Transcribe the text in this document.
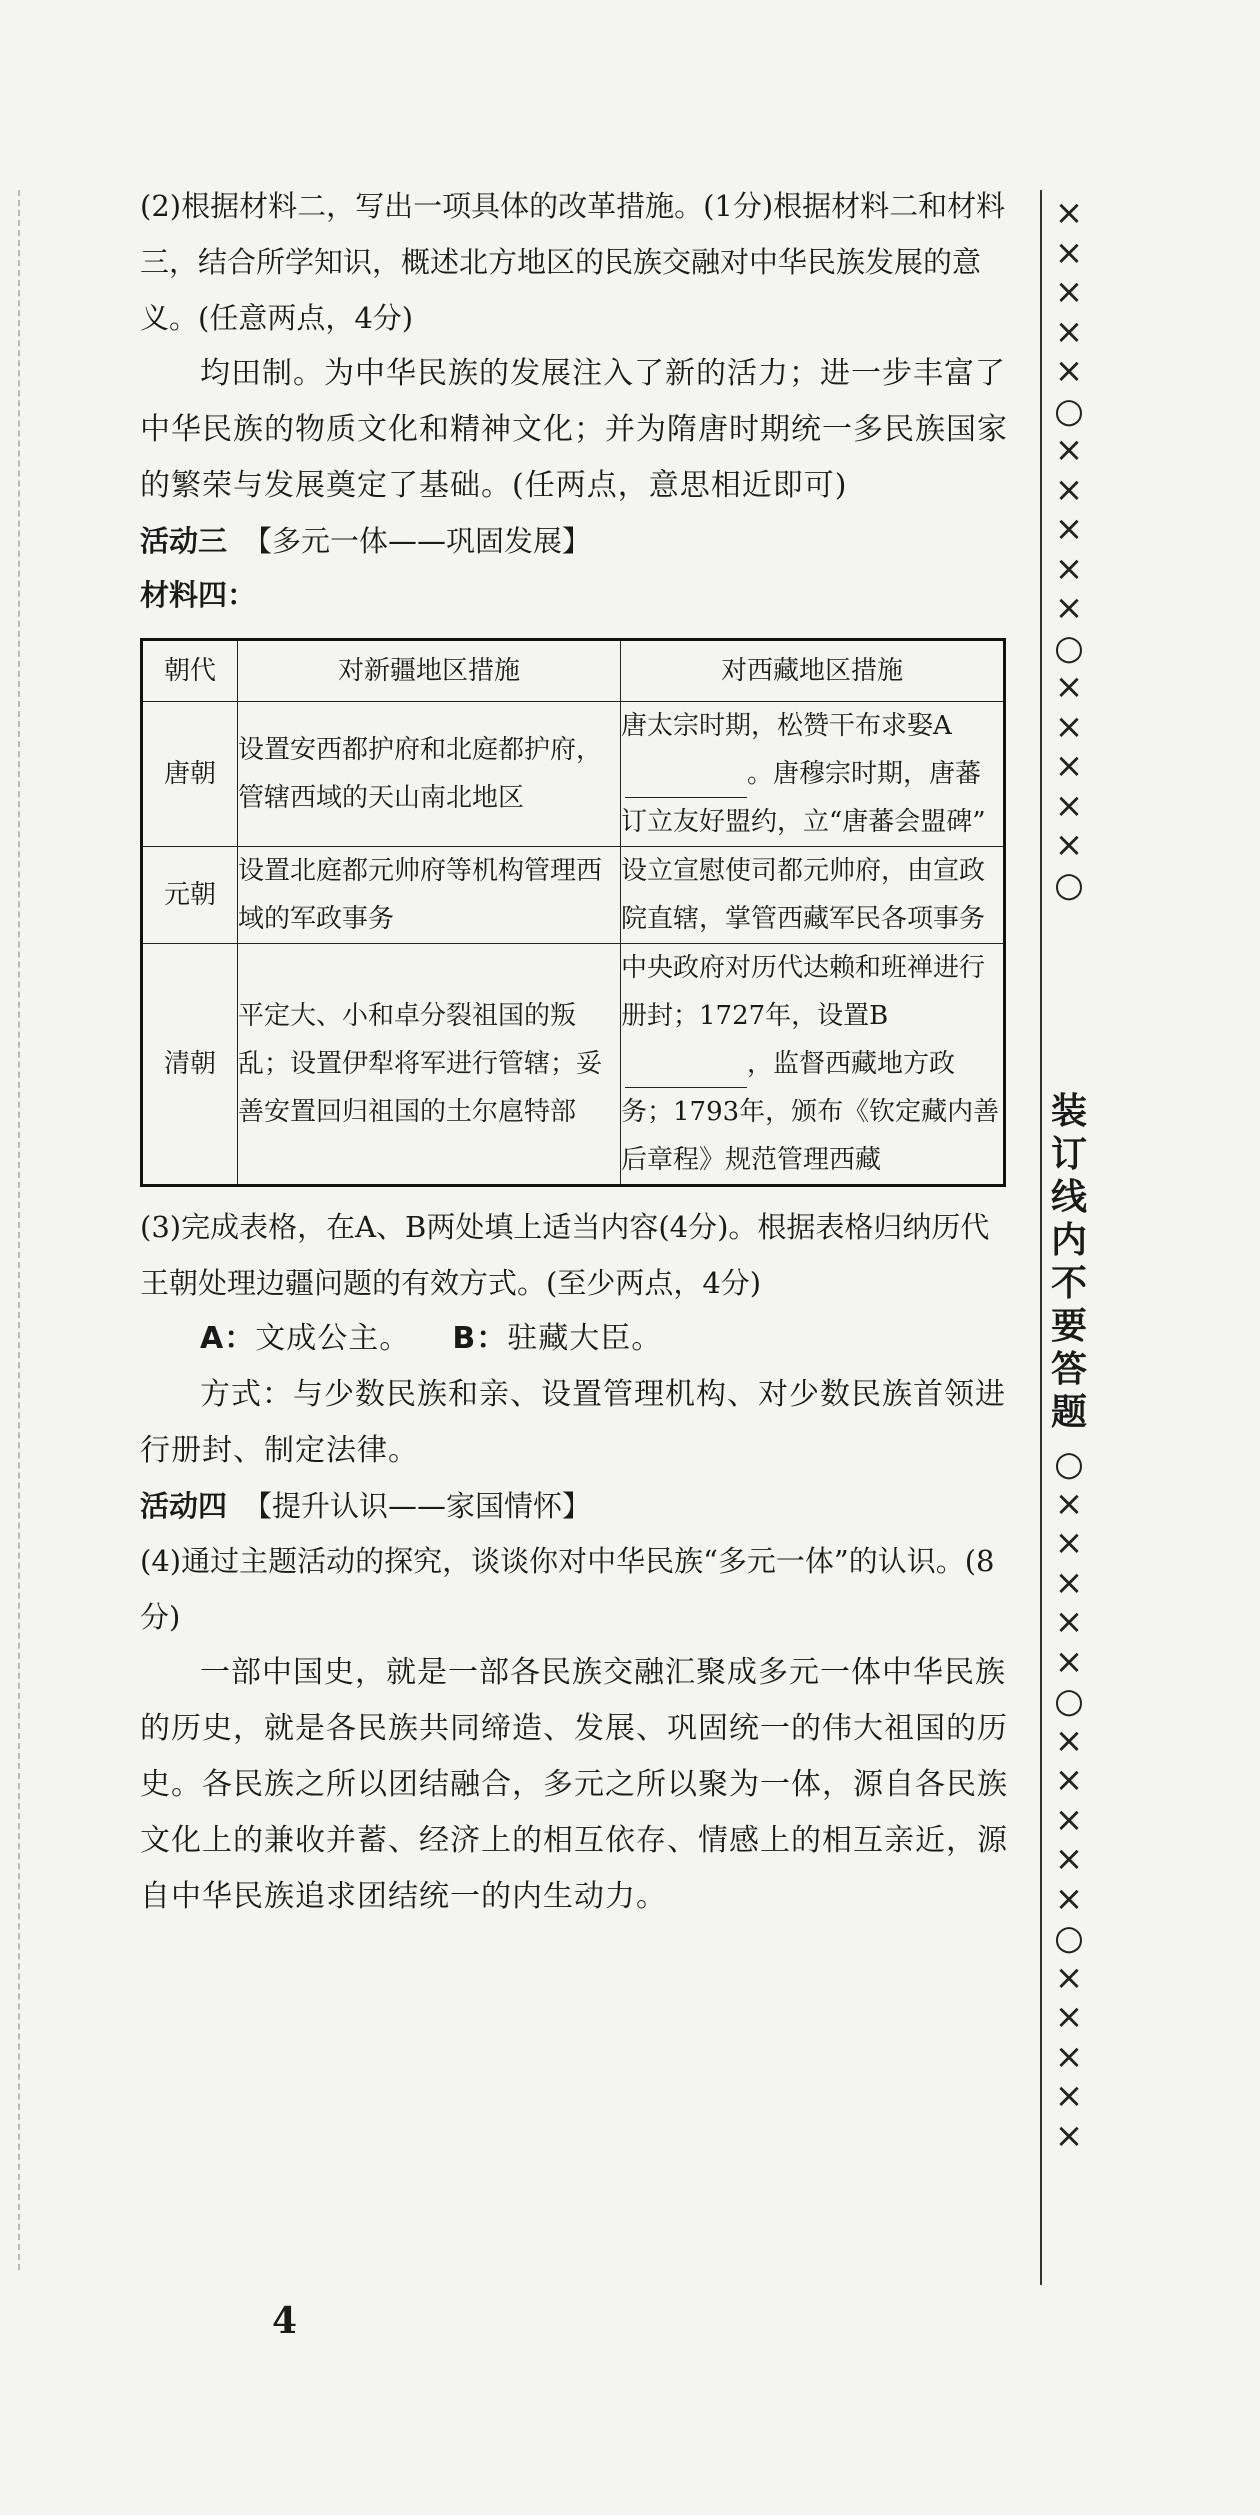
(2)根据材料二，写出一项具体的改革措施。(1分)根据材料二和材料三，结合所学知识，概述北方地区的民族交融对中华民族发展的意义。(任意两点，4分)

均田制。为中华民族的发展注入了新的活力；进一步丰富了中华民族的物质文化和精神文化；并为隋唐时期统一多民族国家的繁荣与发展奠定了基础。(任两点，意思相近即可)

活动三 【多元一体——巩固发展】

材料四：

朝代	对新疆地区措施	对西藏地区措施
唐朝	设置安西都护府和北庭都护府，管辖西域的天山南北地区	唐太宗时期，松赞干布求娶A。唐穆宗时期，唐蕃订立友好盟约，立“唐蕃会盟碑”
元朝	设置北庭都元帅府等机构管理西域的军政事务	设立宣慰使司都元帅府，由宣政院直辖，掌管西藏军民各项事务
清朝	平定大、小和卓分裂祖国的叛乱；设置伊犁将军进行管辖；妥善安置回归祖国的土尔扈特部	中央政府对历代达赖和班禅进行册封；1727年，设置B，监督西藏地方政务；1793年，颁布《钦定藏内善后章程》规范管理西藏

(3)完成表格，在A、B两处填上适当内容(4分)。根据表格归纳历代王朝处理边疆问题的有效方式。(至少两点，4分)

A：文成公主。 B：驻藏大臣。

方式：与少数民族和亲、设置管理机构、对少数民族首领进行册封、制定法律。

活动四 【提升认识——家国情怀】

(4)通过主题活动的探究，谈谈你对中华民族“多元一体”的认识。(8分)

一部中国史，就是一部各民族交融汇聚成多元一体中华民族的历史，就是各民族共同缔造、发展、巩固统一的伟大祖国的历史。各民族之所以团结融合，多元之所以聚为一体，源自各民族文化上的兼收并蓄、经济上的相互依存、情感上的相互亲近，源自中华民族追求团结统一的内生动力。

4
×
×
×
×
×
○
×
×
×
×
×
○
×
×
×
×
×
○
装
订
线
内
不
要
答
题
○
×
×
×
×
×
○
×
×
×
×
×
○
×
×
×
×
×
